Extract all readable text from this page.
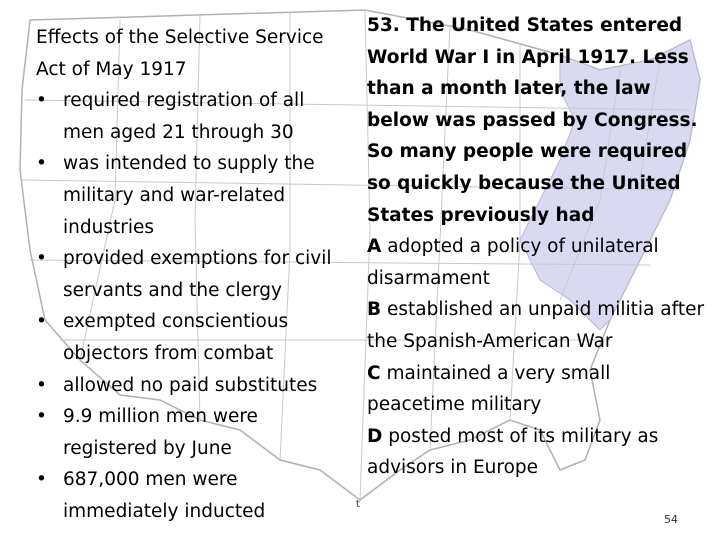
Effects of the Selective Service Act of May 1917

• required registration of all men aged 21 through 30
• was intended to supply the military and war-related industries
• provided exemptions for civil servants and the clergy
• exempted conscientious objectors from combat
• allowed no paid substitutes
• 9.9 million men were registered by June
• 687,000 men were immediately inducted

53. The United States entered World War I in April 1917. Less than a month later, the law below was passed by Congress. So many people were required so quickly because the United States previously had

A adopted a policy of unilateral disarmament
B established an unpaid militia after the Spanish-American War
C maintained a very small peacetime military
D posted most of its military as advisors in Europe
t
54
